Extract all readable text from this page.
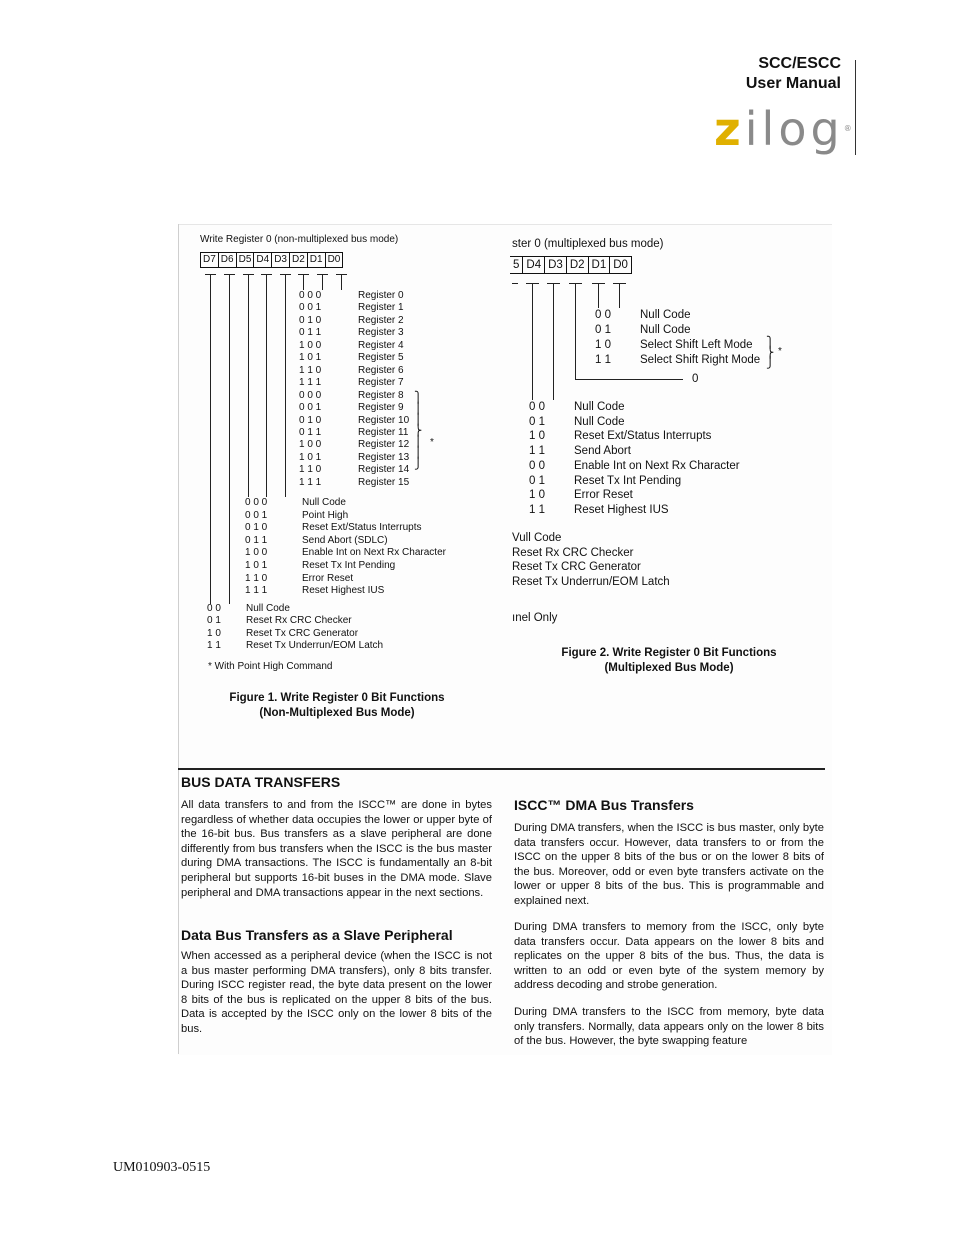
SCC/ESCC
User Manual
zilog®
Write Register 0 (non-multiplexed bus mode)
D7 D6 D5 D4 D3 D2 D1 D0
0 0 0	Register 0
0 0 1	Register 1
0 1 0	Register 2
0 1 1	Register 3
1 0 0	Register 4
1 0 1	Register 5
1 1 0	Register 6
1 1 1	Register 7
0 0 0	Register 8
0 0 1	Register 9
0 1 0	Register 10
0 1 1	Register 11
1 0 0	Register 12
1 0 1	Register 13
1 1 0	Register 14
1 1 1	Register 15
⎫
⎪
⎪
⎬
⎪
⎪
⎭
*
0 0 0	Null Code
0 0 1	Point High
0 1 0	Reset Ext/Status Interrupts
0 1 1	Send Abort (SDLC)
1 0 0	Enable Int on Next Rx Character
1 0 1	Reset Tx Int Pending
1 1 0	Error Reset
1 1 1	Reset Highest IUS
0 0	Null Code
0 1	Reset Rx CRC Checker
1 0	Reset Tx CRC Generator
1 1	Reset Tx Underrun/EOM Latch
* With Point High Command
Figure 1. Write Register 0 Bit Functions
(Non-Multiplexed Bus Mode)
ster 0 (multiplexed bus mode)
5 D4 D3 D2 D1 D0
0 0	Null Code
0 1	Null Code
1 0	Select Shift Left Mode
1 1	Select Shift Right Mode
⎫
⎬
⎭
*
0
0 0	Null Code
0 1	Null Code
1 0	Reset Ext/Status Interrupts
1 1	Send Abort
0 0	Enable Int on Next Rx Character
0 1	Reset Tx Int Pending
1 0	Error Reset
1 1	Reset Highest IUS
Vull Code
Reset Rx CRC Checker
Reset Tx CRC Generator
Reset Tx Underrun/EOM Latch
ınel Only
Figure 2. Write Register 0 Bit Functions
(Multiplexed Bus Mode)
BUS DATA TRANSFERS
All data transfers to and from the ISCC™ are done in bytes regardless of whether data occupies the lower or upper byte of the 16-bit bus. Bus transfers as a slave peripheral are done differently from bus transfers when the ISCC is the bus master during DMA transactions. The ISCC is fundamentally an 8-bit peripheral but supports 16-bit buses in the DMA mode. Slave peripheral and DMA transactions appear in the next sections.
Data Bus Transfers as a Slave Peripheral
When accessed as a peripheral device (when the ISCC is not a bus master performing DMA transfers), only 8 bits transfer. During ISCC register read, the byte data present on the lower 8 bits of the bus is replicated on the upper 8 bits of the bus. Data is accepted by the ISCC only on the lower 8 bits of the bus.
ISCC™ DMA Bus Transfers
During DMA transfers, when the ISCC is bus master, only byte data transfers occur. However, data transfers to or from the ISCC on the upper 8 bits of the bus or on the lower 8 bits of the bus. Moreover, odd or even byte transfers activate on the lower or upper 8 bits of the bus. This is programmable and explained next.
During DMA transfers to memory from the ISCC, only byte data transfers occur. Data appears on the lower 8 bits and replicates on the upper 8 bits of the bus. Thus, the data is written to an odd or even byte of the system memory by address decoding and strobe generation.
During DMA transfers to the ISCC from memory, byte data only transfers. Normally, data appears only on the lower 8 bits of the bus. However, the byte swapping feature
UM010903-0515
